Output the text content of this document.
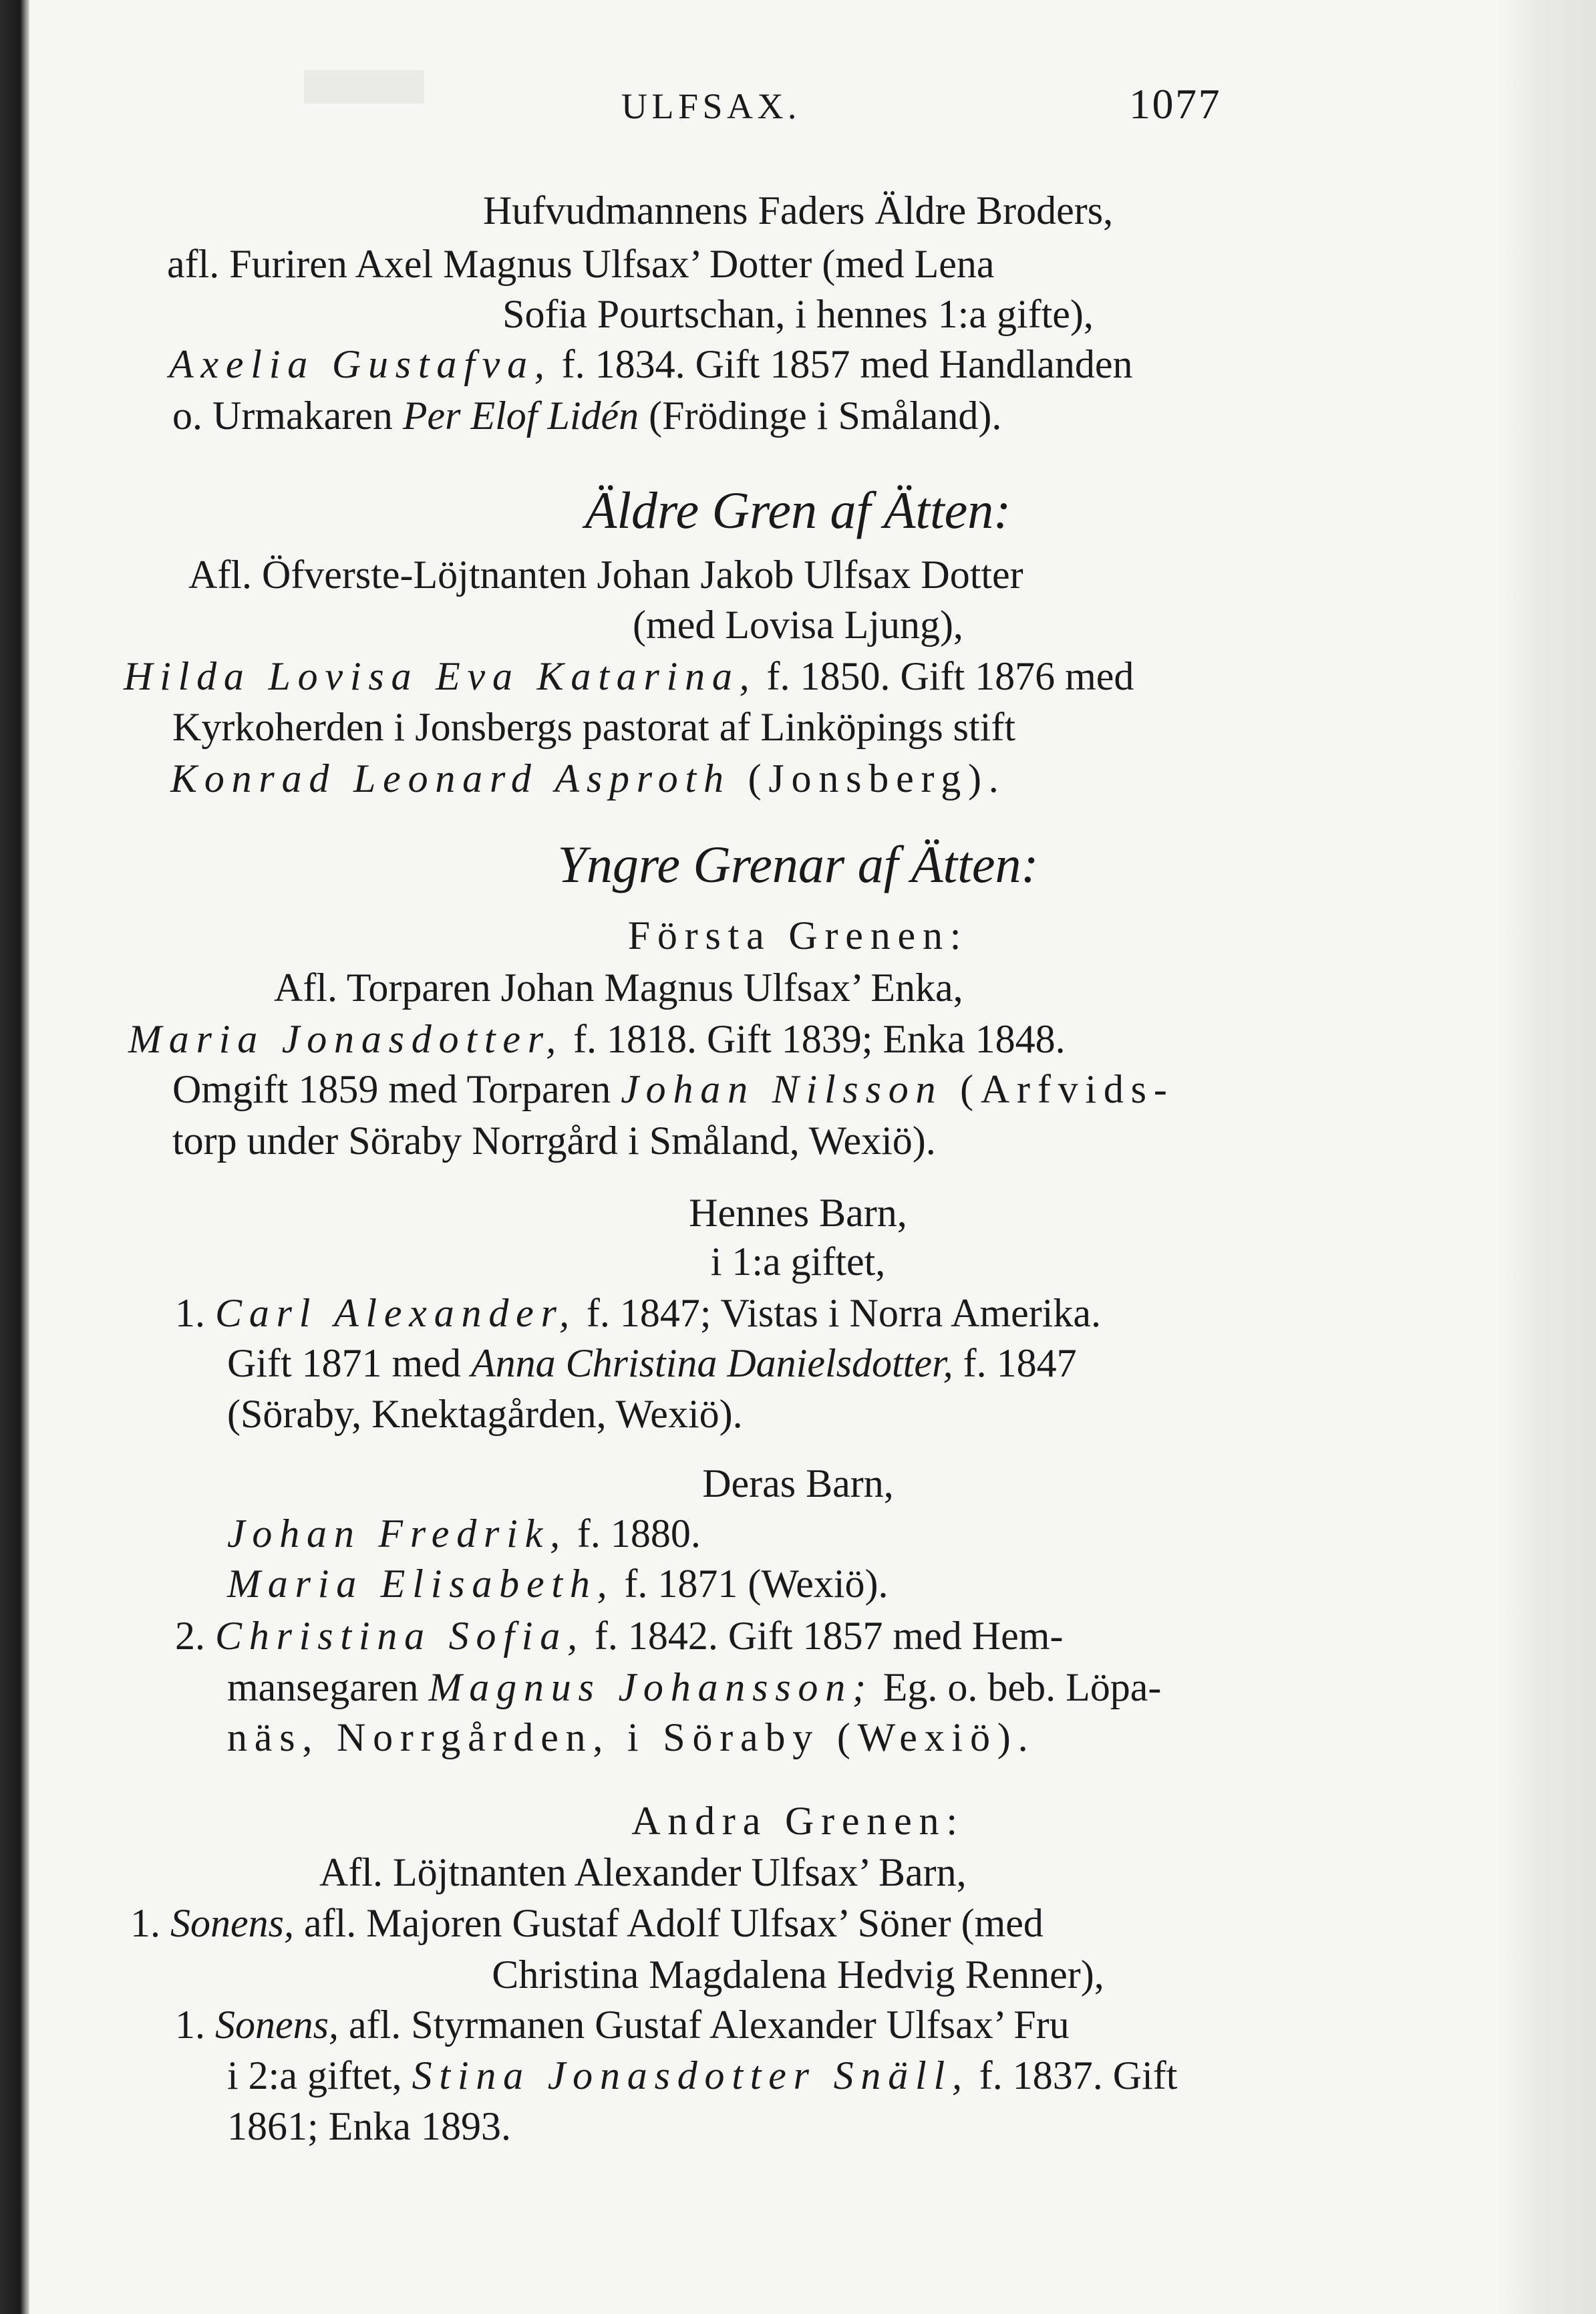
ULFSAX.	1077
Hufvudmannens Faders Äldre Broders,
afl. Furiren Axel Magnus Ulfsax’ Dotter (med Lena
Sofia Pourtschan, i hennes 1:a gifte),
Axelia Gustafva, f. 1834. Gift 1857 med Handlanden
o. Urmakaren Per Elof Lidén (Frödinge i Småland).
Äldre Gren af Ätten:
Afl. Öfverste-Löjtnanten Johan Jakob Ulfsax Dotter
(med Lovisa Ljung),
Hilda Lovisa Eva Katarina, f. 1850. Gift 1876 med
Kyrkoherden i Jonsbergs pastorat af Linköpings stift
Konrad Leonard Asproth (Jonsberg).
Yngre Grenar af Ätten:
Första Grenen:
Afl. Torparen Johan Magnus Ulfsax’ Enka,
Maria Jonasdotter, f. 1818. Gift 1839; Enka 1848.
Omgift 1859 med Torparen Johan Nilsson (Arfvids-
torp under Söraby Norrgård i Småland, Wexiö).
Hennes Barn,
i 1:a giftet,
1. Carl Alexander, f. 1847; Vistas i Norra Amerika.
Gift 1871 med Anna Christina Danielsdotter, f. 1847
(Söraby, Knektagården, Wexiö).
Deras Barn,
Johan Fredrik, f. 1880.
Maria Elisabeth, f. 1871 (Wexiö).
2. Christina Sofia, f. 1842. Gift 1857 med Hem-
mansegaren Magnus Johansson; Eg. o. beb. Löpa-
näs, Norrgården, i Söraby (Wexiö).
Andra Grenen:
Afl. Löjtnanten Alexander Ulfsax’ Barn,
1. Sonens, afl. Majoren Gustaf Adolf Ulfsax’ Söner (med
Christina Magdalena Hedvig Renner),
1. Sonens, afl. Styrmanen Gustaf Alexander Ulfsax’ Fru
i 2:a giftet, Stina Jonasdotter Snäll, f. 1837. Gift
1861; Enka 1893.
